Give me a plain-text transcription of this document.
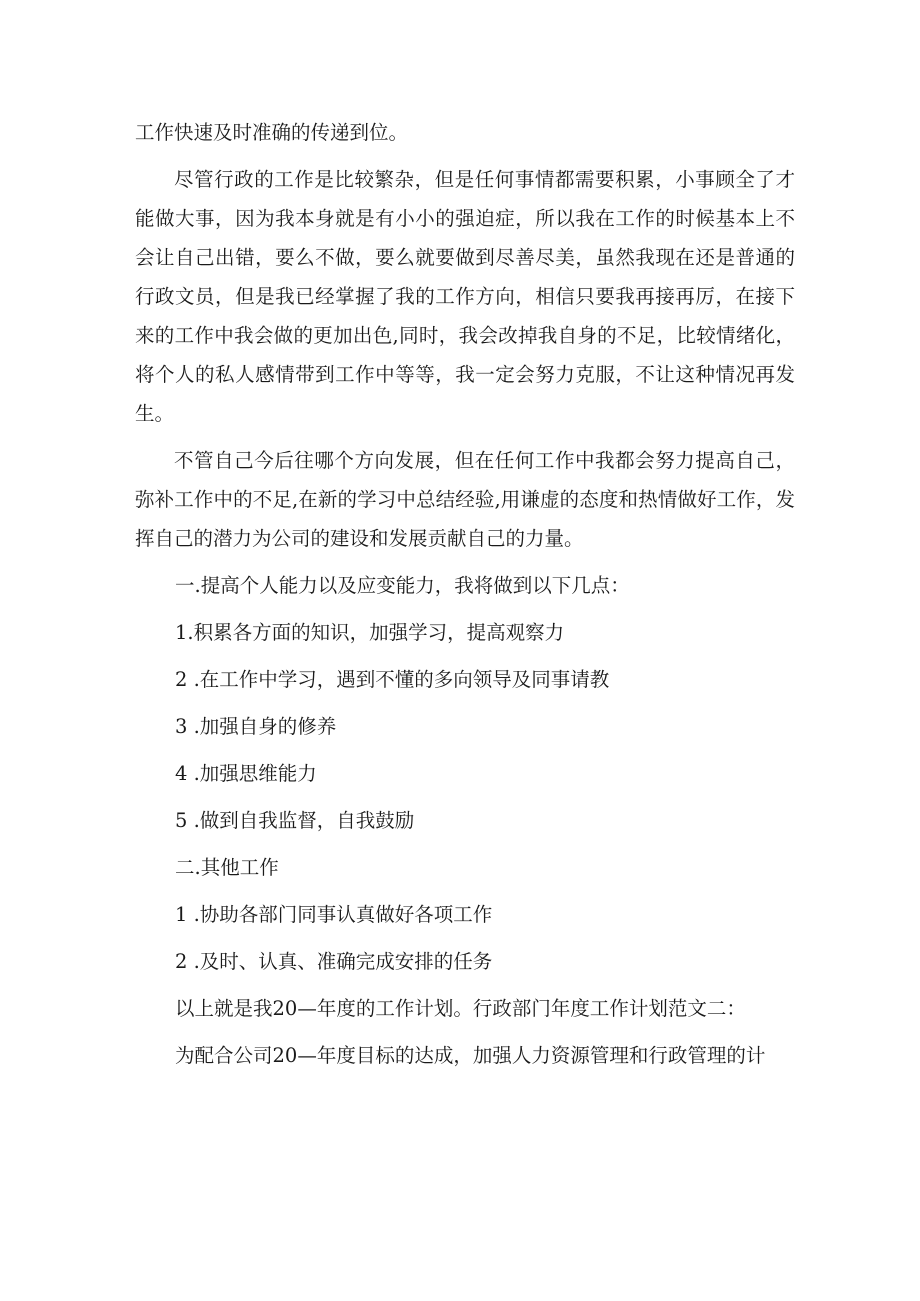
工作快速及时准确的传递到位。

尽管行政的工作是比较繁杂，但是任何事情都需要积累，小事顾全了才能做大事，因为我本身就是有小小的强迫症，所以我在工作的时候基本上不会让自己出错，要么不做，要么就要做到尽善尽美，虽然我现在还是普通的行政文员，但是我已经掌握了我的工作方向，相信只要我再接再厉，在接下来的工作中我会做的更加出色,同时，我会改掉我自身的不足，比较情绪化，将个人的私人感情带到工作中等等，我一定会努力克服，不让这种情况再发生。

不管自己今后往哪个方向发展，但在任何工作中我都会努力提高自己，弥补工作中的不足,在新的学习中总结经验,用谦虚的态度和热情做好工作，发挥自己的潜力为公司的建设和发展贡献自己的力量。

一.提高个人能力以及应变能力，我将做到以下几点：

1.积累各方面的知识，加强学习，提高观察力

2 .在工作中学习，遇到不懂的多向领导及同事请教

3 .加强自身的修养

4 .加强思维能力

5 .做到自我监督，自我鼓励

二.其他工作

1 .协助各部门同事认真做好各项工作

2 .及时、认真、准确完成安排的任务

以上就是我20—年度的工作计划。行政部门年度工作计划范文二：

为配合公司20—年度目标的达成，加强人力资源管理和行政管理的计
